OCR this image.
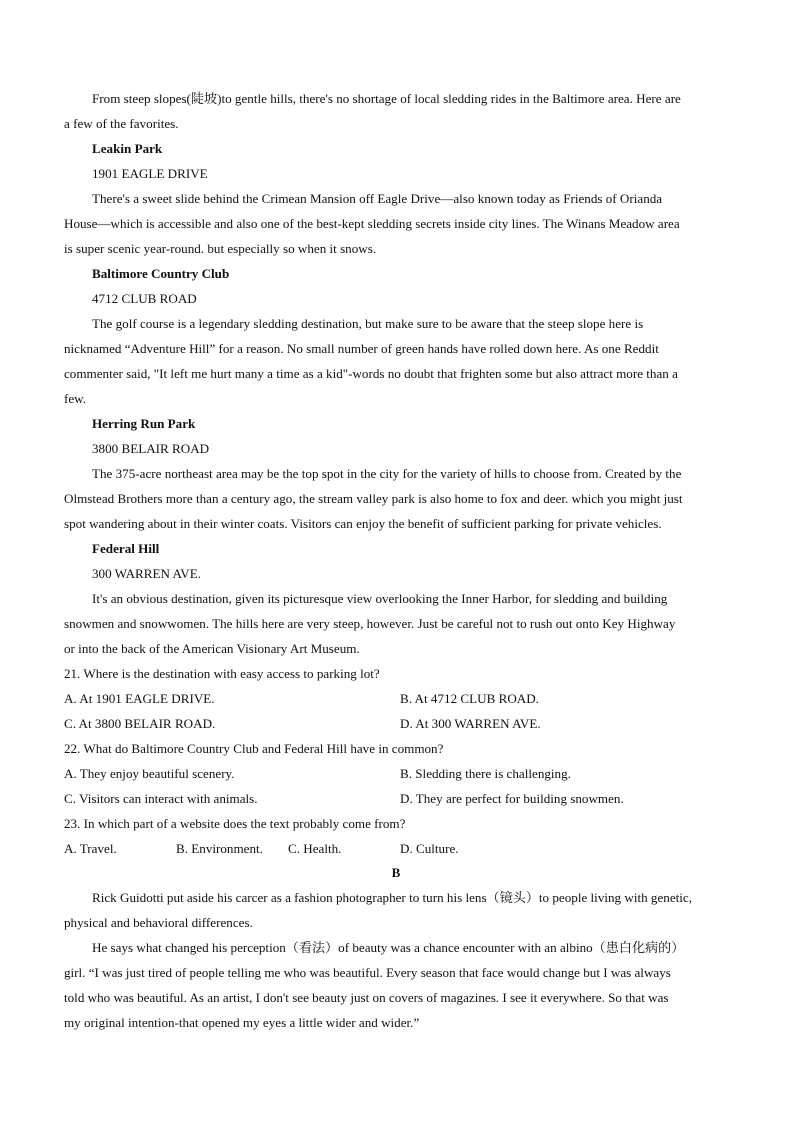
From steep slopes(陡坡)to gentle hills, there's no shortage of local sledding rides in the Baltimore area. Here are
a few of the favorites.
Leakin Park
1901 EAGLE DRIVE
There's a sweet slide behind the Crimean Mansion off Eagle Drive—also known today as Friends of Orianda
House—which is accessible and also one of the best-kept sledding secrets inside city lines. The Winans Meadow area
is super scenic year-round. but especially so when it snows.
Baltimore Country Club
4712 CLUB ROAD
The golf course is a legendary sledding destination, but make sure to be aware that the steep slope here is
nicknamed “Adventure Hill” for a reason. No small number of green hands have rolled down here. As one Reddit
commenter said, "It left me hurt many a time as a kid"-words no doubt that frighten some but also attract more than a
few.
Herring Run Park
3800 BELAIR ROAD
The 375-acre northeast area may be the top spot in the city for the variety of hills to choose from. Created by the
Olmstead Brothers more than a century ago, the stream valley park is also home to fox and deer. which you might just
spot wandering about in their winter coats. Visitors can enjoy the benefit of sufficient parking for private vehicles.
Federal Hill
300 WARREN AVE.
It's an obvious destination, given its picturesque view overlooking the Inner Harbor, for sledding and building
snowmen and snowwomen. The hills here are very steep, however. Just be careful not to rush out onto Key Highway
or into the back of the American Visionary Art Museum.
21. Where is the destination with easy access to parking lot?
A. At 1901 EAGLE DRIVE.	B. At 4712 CLUB ROAD.
C. At 3800 BELAIR ROAD.	D. At 300 WARREN AVE.
22. What do Baltimore Country Club and Federal Hill have in common?
A. They enjoy beautiful scenery.	B. Sledding there is challenging.
C. Visitors can interact with animals.	D. They are perfect for building snowmen.
23. In which part of a website does the text probably come from?
A. Travel.	B. Environment. C. Health.	D. Culture.
B
Rick Guidotti put aside his carcer as a fashion photographer to turn his lens（镜头）to people living with genetic,
physical and behavioral differences.
He says what changed his perception（看法）of beauty was a chance encounter with an albino（患白化病的）
girl. “I was just tired of people telling me who was beautiful. Every season that face would change but I was always
told who was beautiful. As an artist, I don't see beauty just on covers of magazines. I see it everywhere. So that was
my original intention-that opened my eyes a little wider and wider.”
